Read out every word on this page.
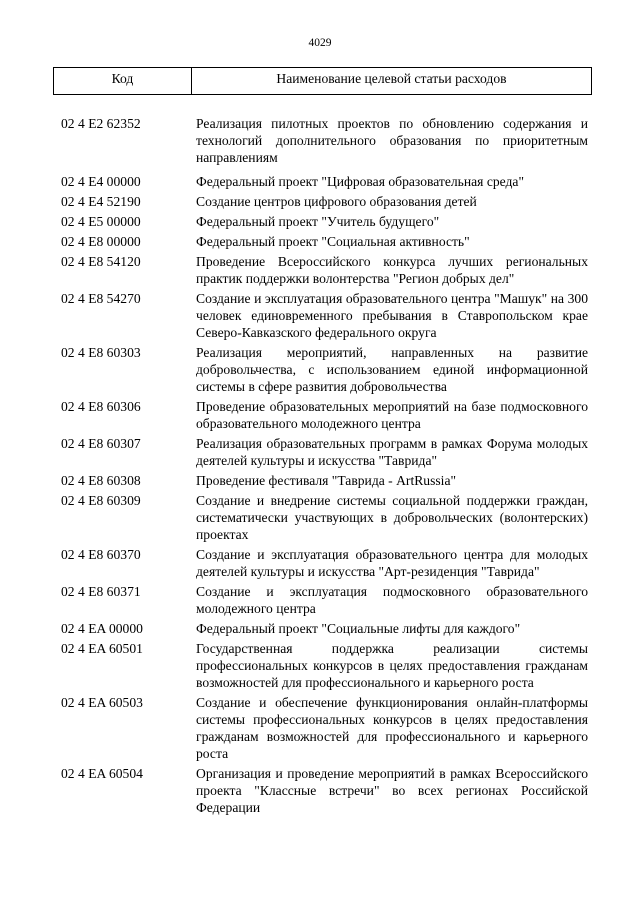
4029
Код	Наименование целевой статьи расходов
02 4 E2 62352	Реализация пилотных проектов по обновлению содержания и технологий дополнительного образования по приоритетным направлениям
02 4 E4 00000	Федеральный проект "Цифровая образовательная среда"
02 4 E4 52190	Создание центров цифрового образования детей
02 4 E5 00000	Федеральный проект "Учитель будущего"
02 4 E8 00000	Федеральный проект "Социальная активность"
02 4 E8 54120	Проведение Всероссийского конкурса лучших региональных практик поддержки волонтерства "Регион добрых дел"
02 4 E8 54270	Создание и эксплуатация образовательного центра "Машук" на 300 человек единовременного пребывания в Ставропольском крае Северо-Кавказского федерального округа
02 4 E8 60303	Реализация мероприятий, направленных на развитие добровольчества, с использованием единой информационной системы в сфере развития добровольчества
02 4 E8 60306	Проведение образовательных мероприятий на базе подмосковного образовательного молодежного центра
02 4 E8 60307	Реализация образовательных программ в рамках Форума молодых деятелей культуры и искусства "Таврида"
02 4 E8 60308	Проведение фестиваля "Таврида - ArtRussia"
02 4 E8 60309	Создание и внедрение системы социальной поддержки граждан, систематически участвующих в добровольческих (волонтерских) проектах
02 4 E8 60370	Создание и эксплуатация образовательного центра для молодых деятелей культуры и искусства "Арт-резиденция "Таврида"
02 4 E8 60371	Создание и эксплуатация подмосковного образовательного молодежного центра
02 4 EA 00000	Федеральный проект "Социальные лифты для каждого"
02 4 EA 60501	Государственная поддержка реализации системы профессиональных конкурсов в целях предоставления гражданам возможностей для профессионального и карьерного роста
02 4 EA 60503	Создание и обеспечение функционирования онлайн-платформы системы профессиональных конкурсов в целях предоставления гражданам возможностей для профессионального и карьерного роста
02 4 EA 60504	Организация и проведение мероприятий в рамках Всероссийского проекта "Классные встречи" во всех регионах Российской Федерации
